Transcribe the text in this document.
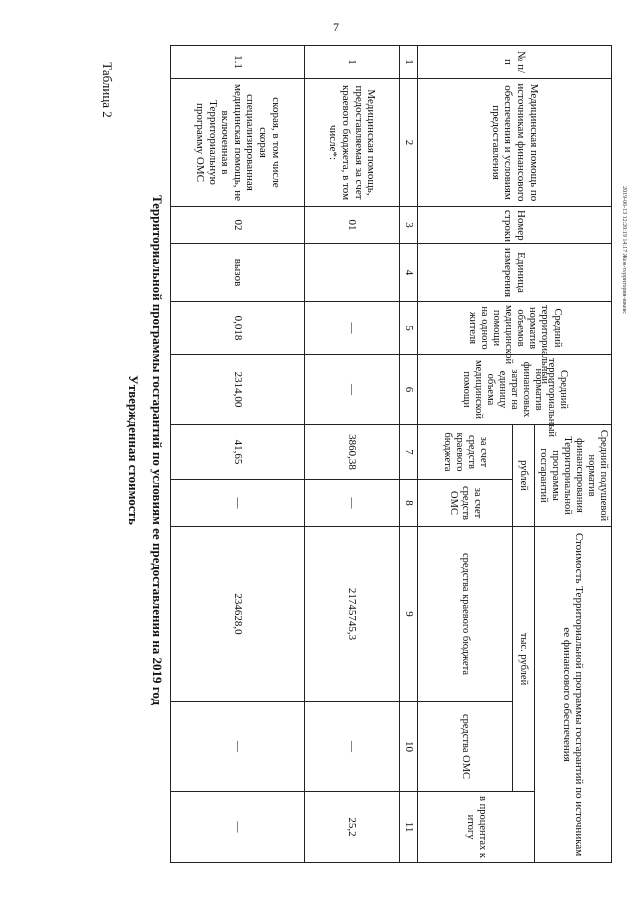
7
2019-06-13 12:20:19 14:17 Жеж-территория-ижевс
Таблица 2
Утвержденная стоимость Территориальной программы госгарантий по условиям ее предоставления на 2019 год
№ п/п	Медицинская помощь по источникам финансового обеспечения и условиям предоставления	Номер строки	Единица измерения	Средний территориальный норматив объемов медицинской помощи на одного жителя	Средний территориальный норматив финансовых затрат на единицу объема медицинской помощи	Средний подушевой норматив финансирования Территориальной программы госгарантий		Стоимость Территориальной программы госгарантий по источникам ее финансового обеспечения		
						рублей		тыс. рублей		в процентах к итогу
						за счет средств краевого бюджета	за счет средств ОМС	средства краевого бюджета	средства ОМС	
1	2	3	4	5	6	7	8	9	10	11
1	Медицинская помощь, предоставляемая за счет краевого бюджета, в том числе*:	01		—	—	3860,38	—	21745745,3	—	25,2
1.1	скорая, в том числе скорая специализированная медицинская помощь, не включенная в Территориальную программу ОМС	02	вызов	0,018	2314,00	41,65	—	234628,0	—	—
